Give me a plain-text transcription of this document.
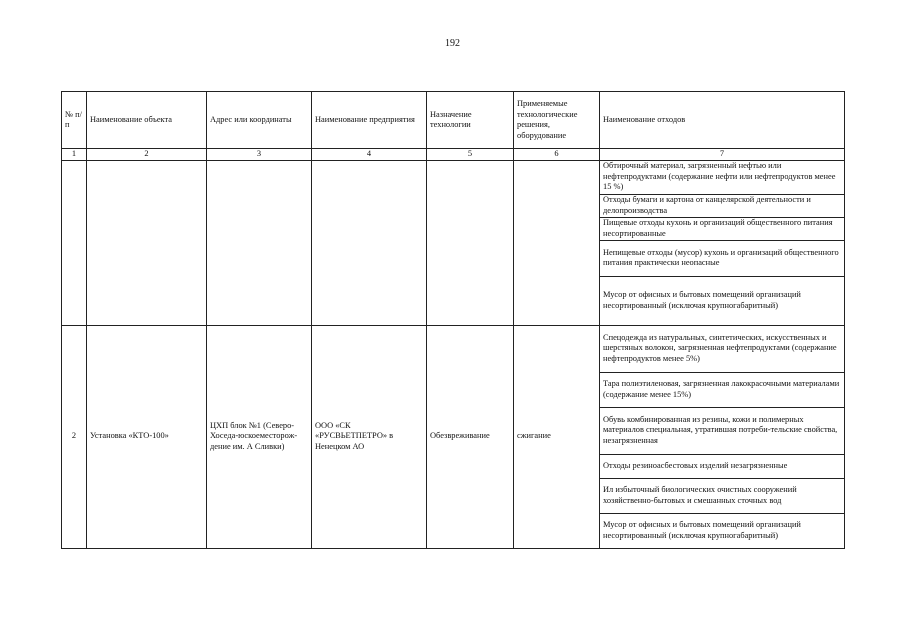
192
№ п/п	Наименование объекта	Адрес или координаты	Наименование предприятия	Назначение технологии	Применяемые технологические решения, оборудование	Наименование отходов
1	2	3	4	5	6	7
						Обтирочный материал, загрязненный нефтью или нефтепродуктами (содержание нефти или нефтепродуктов менее 15 %)
						Отходы бумаги и картона от канцелярской деятельности и делопроизводства
						Пищевые отходы кухонь и организаций общественного питания несортированные
						Непищевые отходы (мусор) кухонь и организаций общественного питания практически неопасные
						Мусор от офисных и бытовых помещений организаций несортированный (исключая крупногабаритный)
2	Установка «КТО-100»	ЦХП блок №1 (Северо-Хоседа-юскоеместорож-дение им. А Сливки)	ООО «СК «РУСВЬЕТПЕТРО» в Ненецком АО	Обезвреживание	сжигание	Спецодежда из натуральных, синтетических, искусственных и шерстяных волокон, загрязненная нефтепродуктами (содержание нефтепродуктов менее 5%)
						Тара полиэтиленовая, загрязненная лакокрасочными материалами (содержание менее 15%)
						Обувь комбинированная из резины, кожи и полимерных материалов специальная, утратившая потреби-тельские свойства, незагрязненная
						Отходы резиноасбестовых изделий незагрязненные
						Ил избыточный биологических очистных сооружений хозяйственно-бытовых и смешанных сточных вод
						Мусор от офисных и бытовых помещений организаций несортированный (исключая крупногабаритный)
